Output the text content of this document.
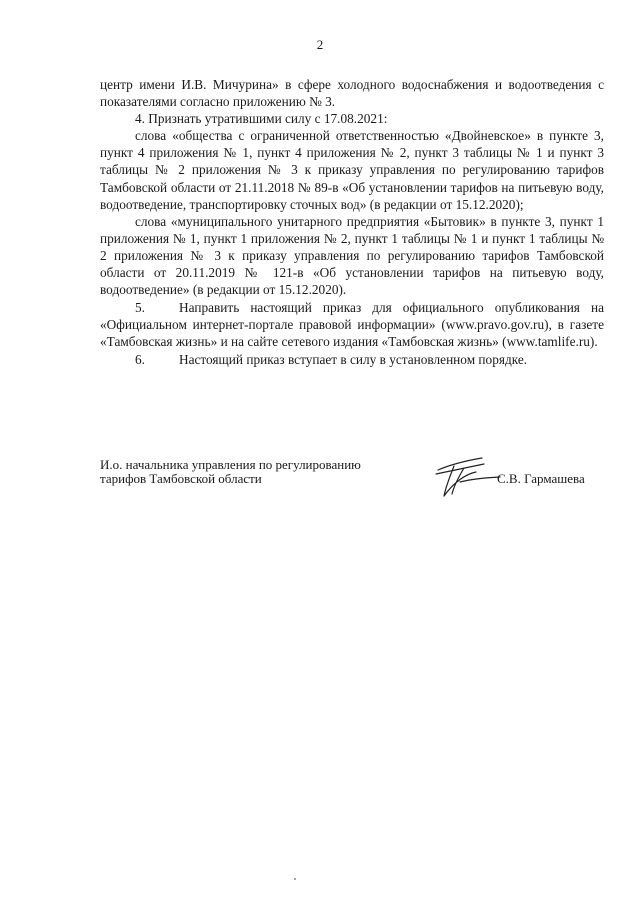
2

центр имени И.В. Мичурина» в сфере холодного водоснабжения и водоотведения с показателями согласно приложению № 3.

4. Признать утратившими силу с 17.08.2021:

слова «общества с ограниченной ответственностью «Двойневское» в пункте 3, пункт 4 приложения № 1, пункт 4 приложения № 2, пункт 3 таблицы № 1 и пункт 3 таблицы № 2 приложения № 3 к приказу управления по регулированию тарифов Тамбовской области от 21.11.2018 № 89-в «Об установлении тарифов на питьевую воду, водоотведение, транспортировку сточных вод» (в редакции от 15.12.2020);

слова «муниципального унитарного предприятия «Бытовик» в пункте 3, пункт 1 приложения № 1, пункт 1 приложения № 2, пункт 1 таблицы № 1 и пункт 1 таблицы № 2 приложения № 3 к приказу управления по регулированию тарифов Тамбовской области от 20.11.2019 № 121-в «Об установлении тарифов на питьевую воду, водоотведение» (в редакции от 15.12.2020).

5.	Направить настоящий приказ для официального опубликования на «Официальном интернет-портале правовой информации» (www.pravo.gov.ru), в газете «Тамбовская жизнь» и на сайте сетевого издания «Тамбовская жизнь» (www.tamlife.ru).

6.	Настоящий приказ вступает в силу в установленном порядке.

И.о. начальника управления по регулированию
тарифов Тамбовской области	С.В. Гармашева
